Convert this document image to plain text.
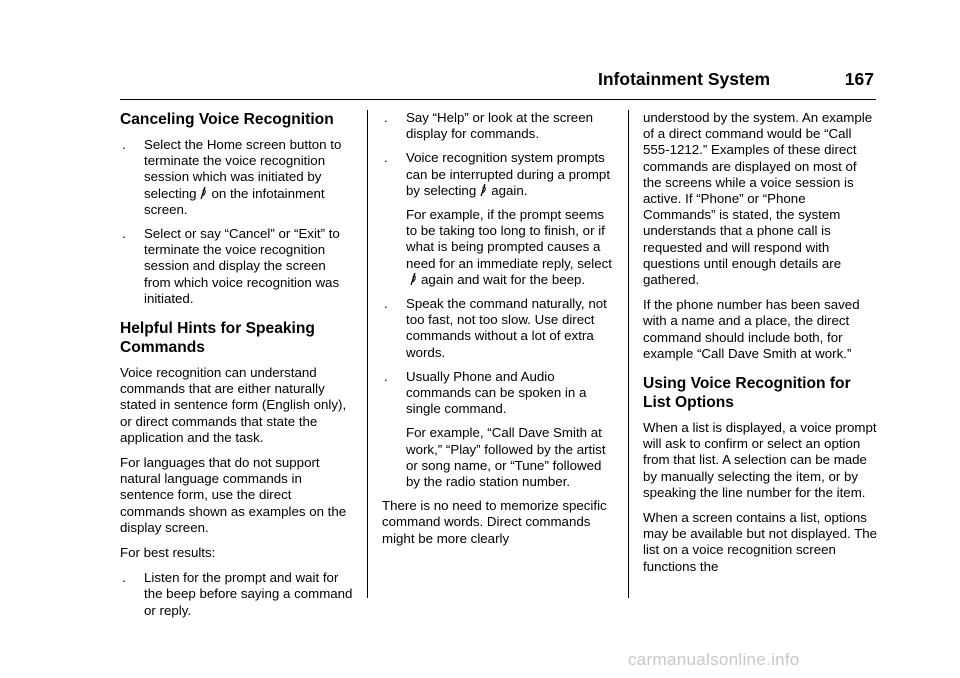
Infotainment System	167
Canceling Voice Recognition
. Select the Home screen button to terminate the voice recognition session which was initiated by selecting on the infotainment screen.
. Select or say “Cancel” or “Exit” to terminate the voice recognition session and display the screen from which voice recognition was initiated.
Helpful Hints for Speaking Commands

Voice recognition can understand commands that are either naturally stated in sentence form (English only), or direct commands that state the application and the task.

For languages that do not support natural language commands in sentence form, use the direct commands shown as examples on the display screen.

For best results:

. Listen for the prompt and wait for the beep before saying a command or reply.
. Say “Help” or look at the screen display for commands.
. Voice recognition system prompts can be interrupted during a prompt by selecting again.
For example, if the prompt seems to be taking too long to finish, or if what is being prompted causes a need for an immediate reply, select
again and wait for the beep.
. Speak the command naturally, not too fast, not too slow. Use direct commands without a lot of extra words.
. Usually Phone and Audio commands can be spoken in a single command.
For example, “Call Dave Smith at work,” “Play” followed by the artist or song name, or “Tune” followed by the radio station number.

There is no need to memorize specific command words. Direct commands might be more clearly

understood by the system. An example of a direct command would be “Call 555-1212.” Examples of these direct commands are displayed on most of the screens while a voice session is active. If “Phone” or “Phone Commands” is stated, the system understands that a phone call is requested and will respond with questions until enough details are gathered.

If the phone number has been saved with a name and a place, the direct command should include both, for example “Call Dave Smith at work.”

Using Voice Recognition for List Options

When a list is displayed, a voice prompt will ask to confirm or select an option from that list. A selection can be made by manually selecting the item, or by speaking the line number for the item.

When a screen contains a list, options may be available but not displayed. The list on a voice recognition screen functions the

carmanualsonline.info
